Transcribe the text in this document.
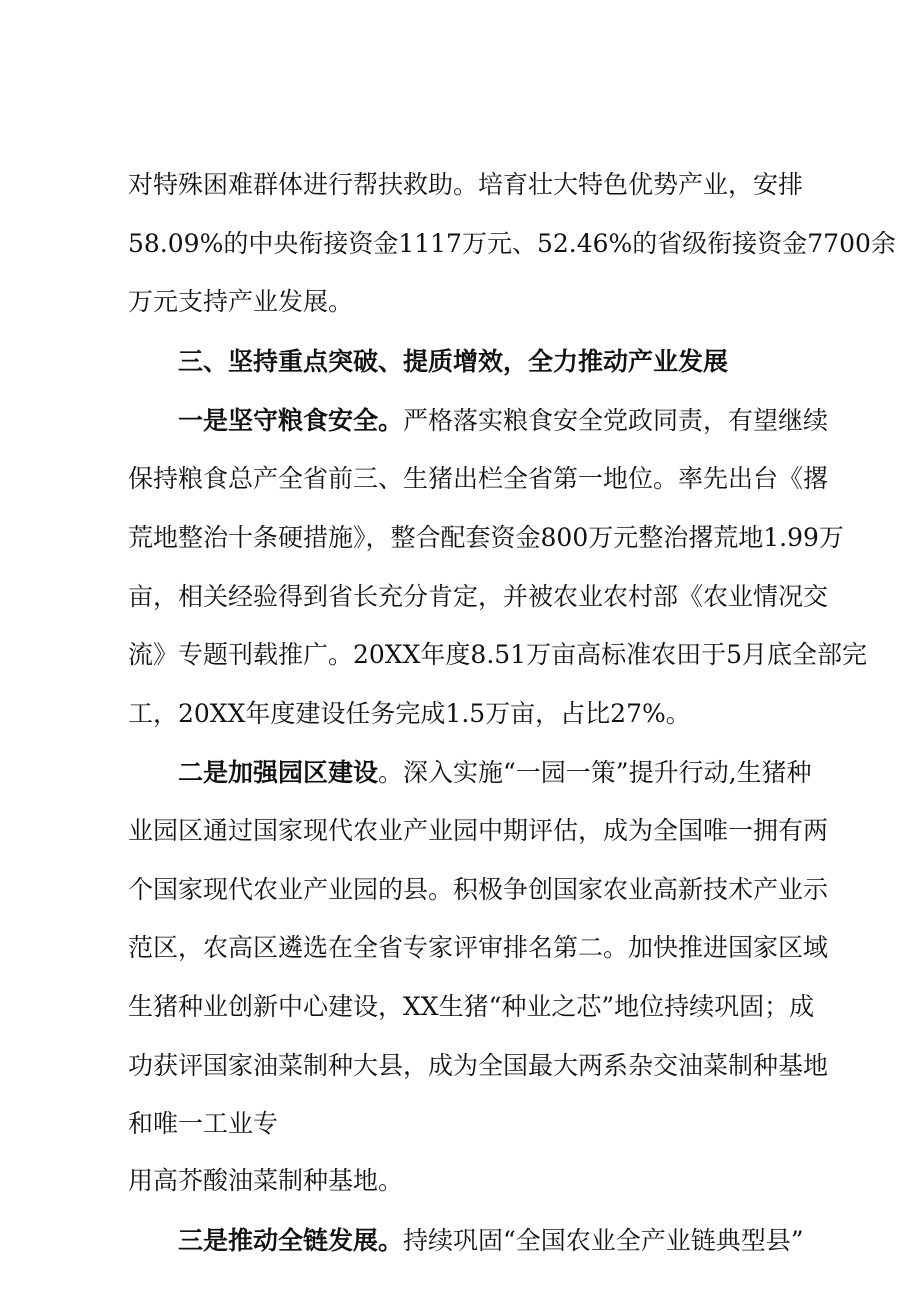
对特殊困难群体进行帮扶救助。培育壮大特色优势产业，安排

58.09%的中央衔接资金1117万元、52.46%的省级衔接资金7700余

万元支持产业发展。

三、坚持重点突破、提质增效，全力推动产业发展

一是坚守粮食安全。严格落实粮食安全党政同责，有望继续

保持粮食总产全省前三、生猪出栏全省第一地位。率先出台《撂

荒地整治十条硬措施》，整合配套资金800万元整治撂荒地1.99万

亩，相关经验得到省长充分肯定，并被农业农村部《农业情况交

流》专题刊载推广。20XX年度8.51万亩高标准农田于5月底全部完

工，20XX年度建设任务完成1.5万亩，占比27%。

二是加强园区建设。深入实施“一园一策”提升行动,生猪种

业园区通过国家现代农业产业园中期评估，成为全国唯一拥有两

个国家现代农业产业园的县。积极争创国家农业高新技术产业示

范区，农高区遴选在全省专家评审排名第二。加快推进国家区域

生猪种业创新中心建设，XX生猪“种业之芯”地位持续巩固；成

功获评国家油菜制种大县，成为全国最大两系杂交油菜制种基地

和唯一工业专

用高芥酸油菜制种基地。

三是推动全链发展。持续巩固“全国农业全产业链典型县”
